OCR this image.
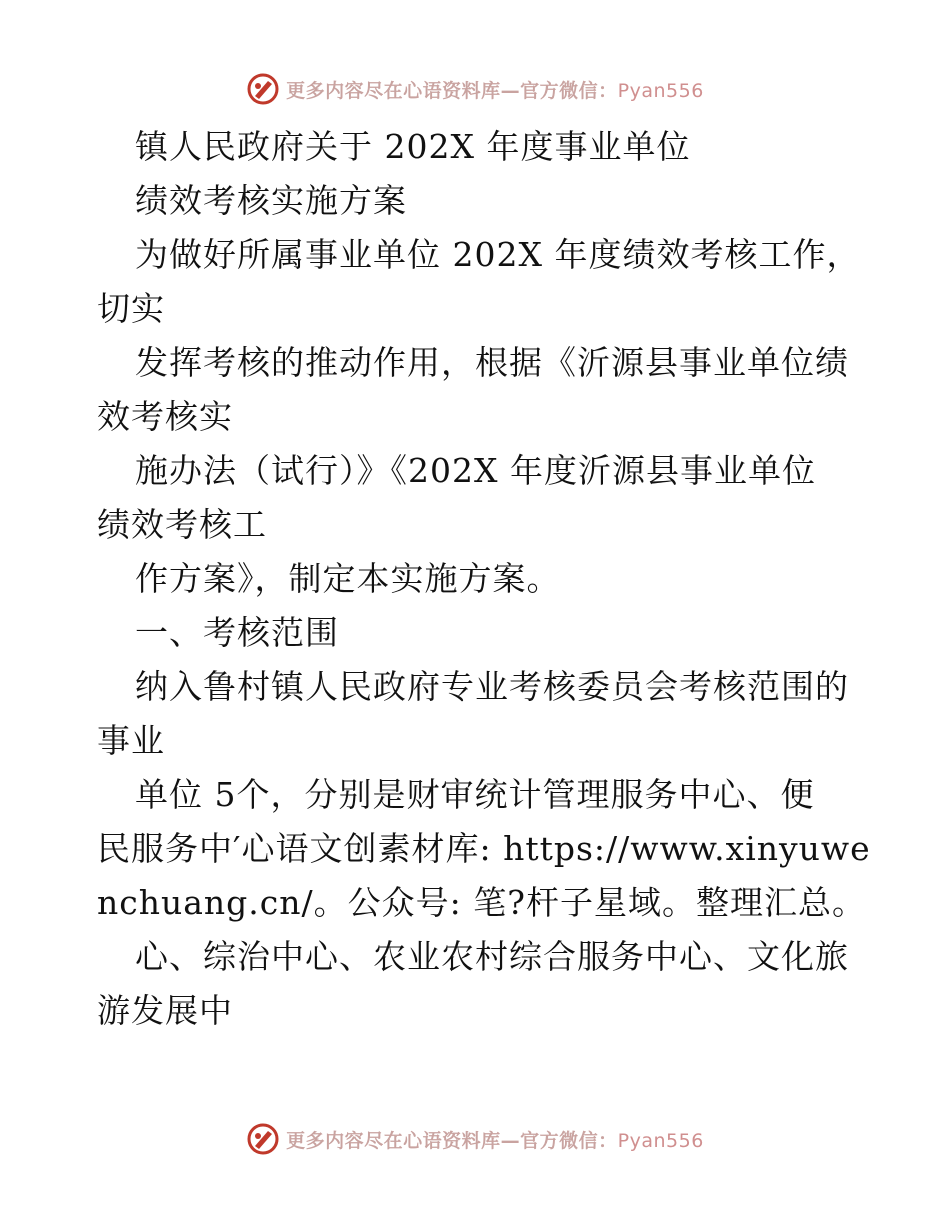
更多内容尽在心语资料库—官方微信：Pyan556
镇人民政府关于 202X 年度事业单位
绩效考核实施方案
为做好所属事业单位 202X 年度绩效考核工作，
切实
发挥考核的推动作用，根据《沂源县事业单位绩
效考核实
施办法（试行）》《202X 年度沂源县事业单位
绩效考核工
作方案》，制定本实施方案。
一、考核范围
纳入鲁村镇人民政府专业考核委员会考核范围的
事业
单位 5个，分别是财审统计管理服务中心、便
民服务中′心语文创素材库: https://www.xinyuwe
nchuang.cn/。公众号: 笔?杆子星域。整理汇总。
心、综治中心、农业农村综合服务中心、文化旅
游发展中
更多内容尽在心语资料库—官方微信：Pyan556
